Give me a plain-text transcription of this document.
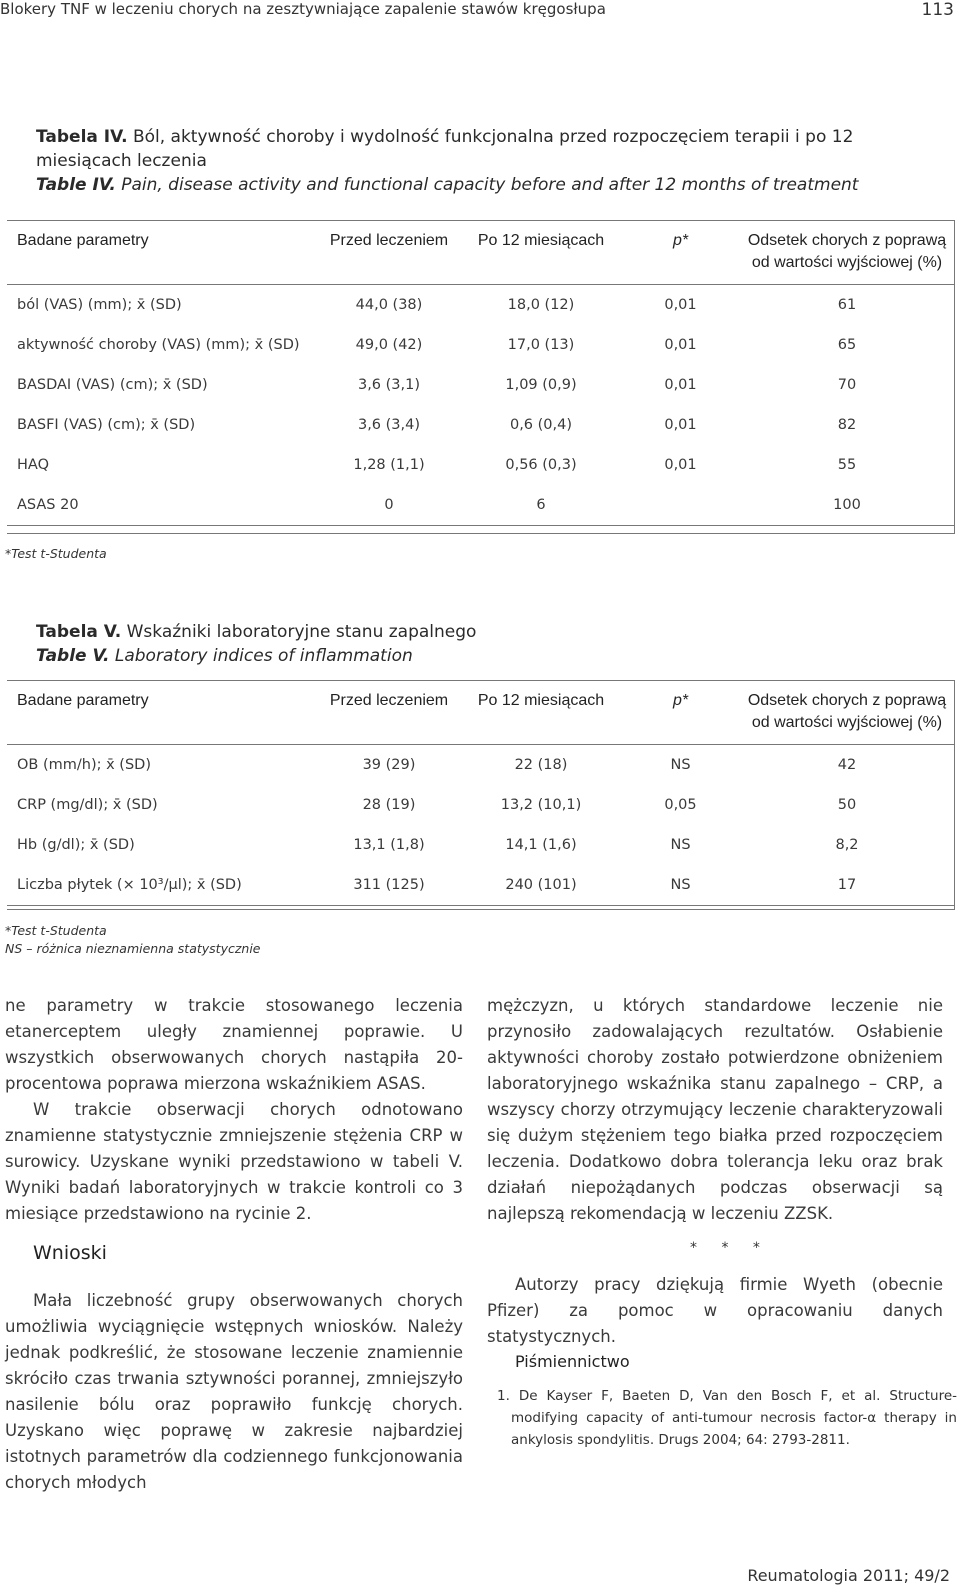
Blokery TNF w leczeniu chorych na zesztywniające zapalenie stawów kręgosłupa	113
Tabela IV. Ból, aktywność choroby i wydolność funkcjonalna przed rozpoczęciem terapii i po 12 miesiącach leczenia
Table IV. Pain, disease activity and functional capacity before and after 12 months of treatment
Badane parametry	Przed leczeniem	Po 12 miesiącach	p*	Odsetek chorych z poprawą od wartości wyjściowej (%)
ból (VAS) (mm); x̄ (SD)	44,0 (38)	18,0 (12)	0,01	61
aktywność choroby (VAS) (mm); x̄ (SD)	49,0 (42)	17,0 (13)	0,01	65
BASDAI (VAS) (cm); x̄ (SD)	3,6 (3,1)	1,09 (0,9)	0,01	70
BASFI (VAS) (cm); x̄ (SD)	3,6 (3,4)	0,6 (0,4)	0,01	82
HAQ	1,28 (1,1)	0,56 (0,3)	0,01	55
ASAS 20	0	6		100
*Test t-Studenta
Tabela V. Wskaźniki laboratoryjne stanu zapalnego
Table V. Laboratory indices of inflammation
Badane parametry	Przed leczeniem	Po 12 miesiącach	p*	Odsetek chorych z poprawą od wartości wyjściowej (%)
OB (mm/h); x̄ (SD)	39 (29)	22 (18)	NS	42
CRP (mg/dl); x̄ (SD)	28 (19)	13,2 (10,1)	0,05	50
Hb (g/dl); x̄ (SD)	13,1 (1,8)	14,1 (1,6)	NS	8,2
Liczba płytek (× 10³/μl); x̄ (SD)	311 (125)	240 (101)	NS	17
*Test t-Studenta
NS – różnica nieznamienna statystycznie

ne parametry w trakcie stosowanego leczenia etanerceptem uległy znamiennej poprawie. U wszystkich obserwowanych chorych nastąpiła 20-procentowa poprawa mierzona wskaźnikiem ASAS.

W trakcie obserwacji chorych odnotowano znamienne statystycznie zmniejszenie stężenia CRP w surowicy. Uzyskane wyniki przedstawiono w tabeli V. Wyniki badań laboratoryjnych w trakcie kontroli co 3 miesiące przedstawiono na rycinie 2.

Wnioski

Mała liczebność grupy obserwowanych chorych umożliwia wyciągnięcie wstępnych wniosków. Należy jednak podkreślić, że stosowane leczenie znamiennie skróciło czas trwania sztywności porannej, zmniejszyło nasilenie bólu oraz poprawiło funkcję chorych. Uzyskano więc poprawę w zakresie najbardziej istotnych parametrów dla codziennego funkcjonowania chorych młodych

mężczyzn, u których standardowe leczenie nie przynosiło zadowalających rezultatów. Osłabienie aktywności choroby zostało potwierdzone obniżeniem laboratoryjnego wskaźnika stanu zapalnego – CRP, a wszyscy chorzy otrzymujący leczenie charakteryzowali się dużym stężeniem tego białka przed rozpoczęciem leczenia. Dodatkowo dobra tolerancja leku oraz brak działań niepożądanych podczas obserwacji są najlepszą rekomendacją w leczeniu ZZSK.

* * *

Autorzy pracy dziękują firmie Wyeth (obecnie Pfizer) za pomoc w opracowaniu danych statystycznych.

Piśmiennictwo
1. De Kayser F, Baeten D, Van den Bosch F, et al. Structure-modifying capacity of anti-tumour necrosis factor-α therapy in ankylosis spondylitis. Drugs 2004; 64: 2793-2811.
Reumatologia 2011; 49/2
